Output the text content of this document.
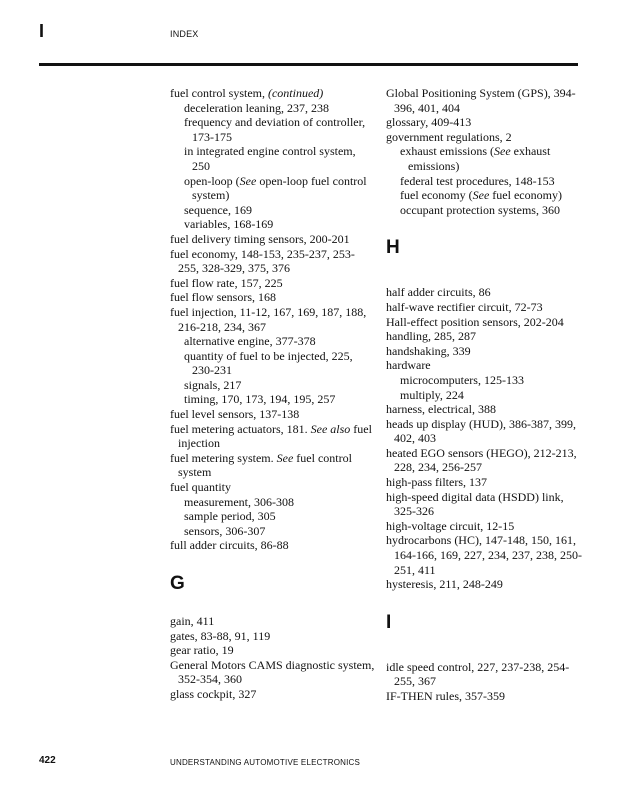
I	INDEX

fuel control system, (continued)

deceleration leaning, 237, 238

frequency and deviation of controller, 173-175

in integrated engine control system, 250

open-loop (See open-loop fuel control system)

sequence, 169

variables, 168-169

fuel delivery timing sensors, 200-201

fuel economy, 148-153, 235-237, 253-255, 328-329, 375, 376

fuel flow rate, 157, 225

fuel flow sensors, 168

fuel injection, 11-12, 167, 169, 187, 188, 216-218, 234, 367

alternative engine, 377-378

quantity of fuel to be injected, 225, 230-231

signals, 217

timing, 170, 173, 194, 195, 257

fuel level sensors, 137-138

fuel metering actuators, 181. See also fuel injection

fuel metering system. See fuel control system

fuel quantity

measurement, 306-308

sample period, 305

sensors, 306-307

full adder circuits, 86-88

G

gain, 411

gates, 83-88, 91, 119

gear ratio, 19

General Motors CAMS diagnostic system, 352-354, 360

glass cockpit, 327

Global Positioning System (GPS), 394-396, 401, 404

glossary, 409-413

government regulations, 2

exhaust emissions (See exhaust emissions)

federal test procedures, 148-153

fuel economy (See fuel economy)

occupant protection systems, 360

H

half adder circuits, 86

half-wave rectifier circuit, 72-73

Hall-effect position sensors, 202-204

handling, 285, 287

handshaking, 339

hardware

microcomputers, 125-133

multiply, 224

harness, electrical, 388

heads up display (HUD), 386-387, 399, 402, 403

heated EGO sensors (HEGO), 212-213, 228, 234, 256-257

high-pass filters, 137

high-speed digital data (HSDD) link, 325-326

high-voltage circuit, 12-15

hydrocarbons (HC), 147-148, 150, 161, 164-166, 169, 227, 234, 237, 238, 250-251, 411

hysteresis, 211, 248-249

I

idle speed control, 227, 237-238, 254-255, 367

IF-THEN rules, 357-359

422	UNDERSTANDING AUTOMOTIVE ELECTRONICS
